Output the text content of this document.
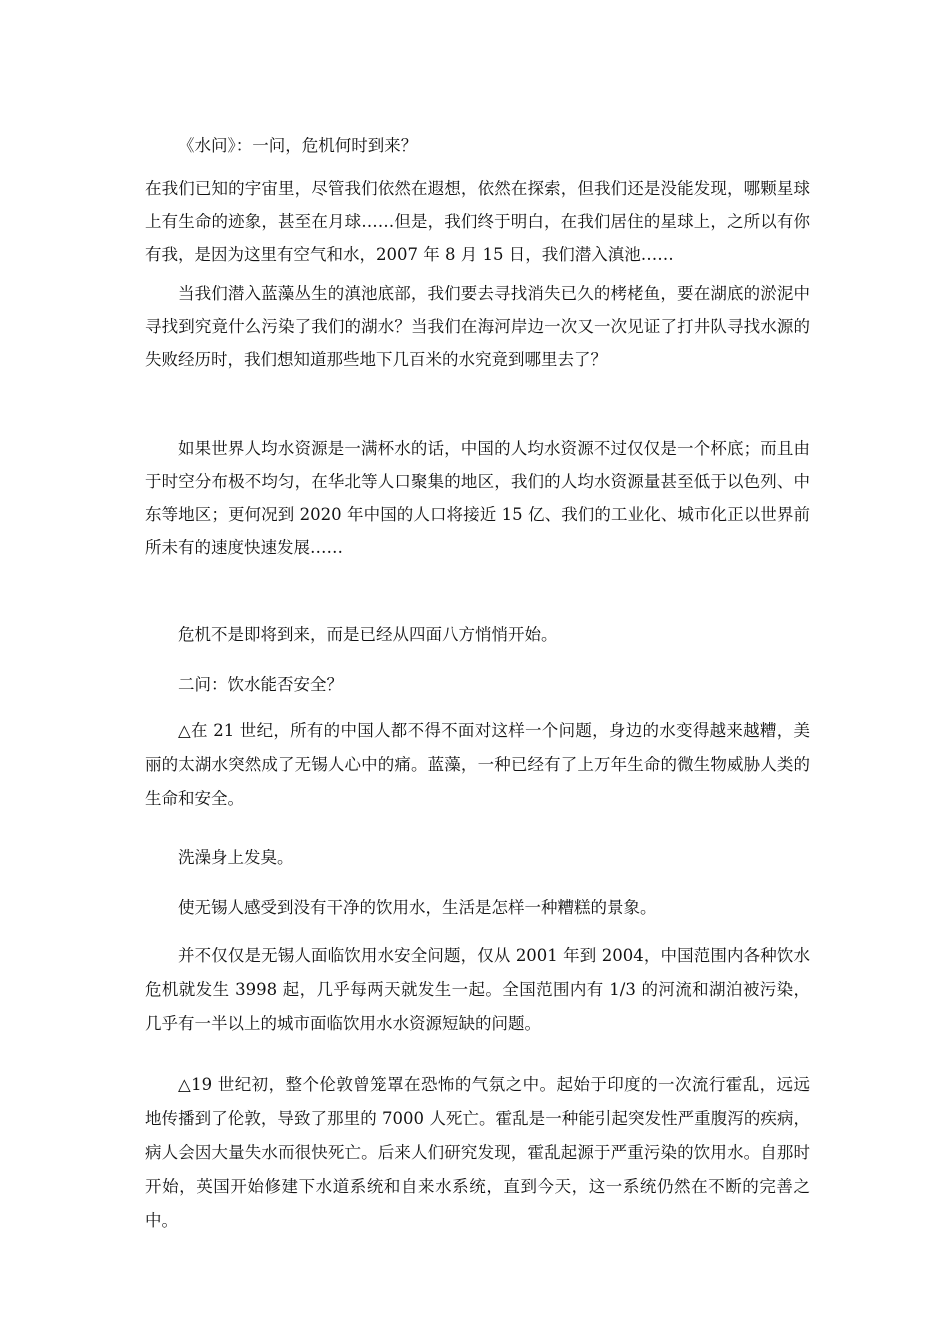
《水问》：一问，危机何时到来？

在我们已知的宇宙里，尽管我们依然在遐想，依然在探索，但我们还是没能发现，哪颗星球上有生命的迹象，甚至在月球……但是，我们终于明白，在我们居住的星球上，之所以有你有我，是因为这里有空气和水，2007 年 8 月 15 日，我们潜入滇池……

当我们潜入蓝藻丛生的滇池底部，我们要去寻找消失已久的栲栳鱼，要在湖底的淤泥中寻找到究竟什么污染了我们的湖水？当我们在海河岸边一次又一次见证了打井队寻找水源的失败经历时，我们想知道那些地下几百米的水究竟到哪里去了？

如果世界人均水资源是一满杯水的话，中国的人均水资源不过仅仅是一个杯底；而且由于时空分布极不均匀，在华北等人口聚集的地区，我们的人均水资源量甚至低于以色列、中东等地区；更何况到 2020 年中国的人口将接近 15 亿、我们的工业化、城市化正以世界前所未有的速度快速发展……

危机不是即将到来，而是已经从四面八方悄悄开始。

二问：饮水能否安全？

△在 21 世纪，所有的中国人都不得不面对这样一个问题，身边的水变得越来越糟，美丽的太湖水突然成了无锡人心中的痛。蓝藻，一种已经有了上万年生命的微生物威胁人类的生命和安全。

洗澡身上发臭。

使无锡人感受到没有干净的饮用水，生活是怎样一种糟糕的景象。

并不仅仅是无锡人面临饮用水安全问题，仅从 2001 年到 2004，中国范围内各种饮水危机就发生 3998 起，几乎每两天就发生一起。全国范围内有 1/3 的河流和湖泊被污染，几乎有一半以上的城市面临饮用水水资源短缺的问题。

△19 世纪初，整个伦敦曾笼罩在恐怖的气氛之中。起始于印度的一次流行霍乱，远远地传播到了伦敦，导致了那里的 7000 人死亡。霍乱是一种能引起突发性严重腹泻的疾病，病人会因大量失水而很快死亡。后来人们研究发现，霍乱起源于严重污染的饮用水。自那时开始，英国开始修建下水道系统和自来水系统，直到今天，这一系统仍然在不断的完善之中。
